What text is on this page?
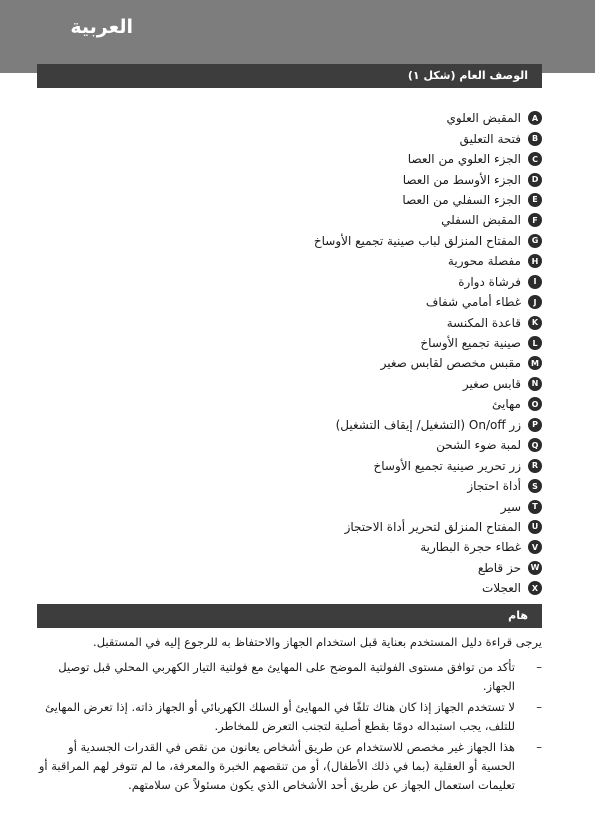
العربية
الوصف العام (شكل ١)
A
المقبض العلوي
B
فتحة التعليق
C
الجزء العلوي من العصا
D
الجزء الأوسط من العصا
E
الجزء السفلي من العصا
F
المقبض السفلي
G
المفتاح المنزلق لباب صينية تجميع الأوساخ
H
مفصلة محورية
I
فرشاة دوارة
J
غطاء أمامي شفاف
K
قاعدة المكنسة
L
صينية تجميع الأوساخ
M
مقبس مخصص لقابس صغير
N
قابس صغير
O
مهايئ
P
زر On/off (التشغيل/ إيقاف التشغيل)
Q
لمبة ضوء الشحن
R
زر تحرير صينية تجميع الأوساخ
S
أداة احتجاز
T
سير
U
المفتاح المنزلق لتحرير أداة الاحتجاز
V
غطاء حجرة البطارية
W
حز قاطع
X
العجلات
هام

يرجى قراءة دليل المستخدم بعناية قبل استخدام الجهاز والاحتفاظ به للرجوع إليه في المستقبل.

–
تأكد من توافق مستوى الفولتية الموضح على المهايئ مع فولتية التيار الكهربي المحلي قبل توصيل الجهاز.
–
لا تستخدم الجهاز إذا كان هناك تلفًا في المهايئ أو السلك الكهربائي أو الجهاز ذاته. إذا تعرض المهايئ للتلف، يجب استبداله دومًا بقطع أصلية لتجنب التعرض للمخاطر.
–
هذا الجهاز غير مخصص للاستخدام عن طريق أشخاص يعانون من نقص في القدرات الجسدية أو الحسية أو العقلية (بما في ذلك الأطفال)، أو من تنقصهم الخبرة والمعرفة، ما لم تتوفر لهم المراقبة أو تعليمات استعمال الجهاز عن طريق أحد الأشخاص الذي يكون مسئولاً عن سلامتهم.
